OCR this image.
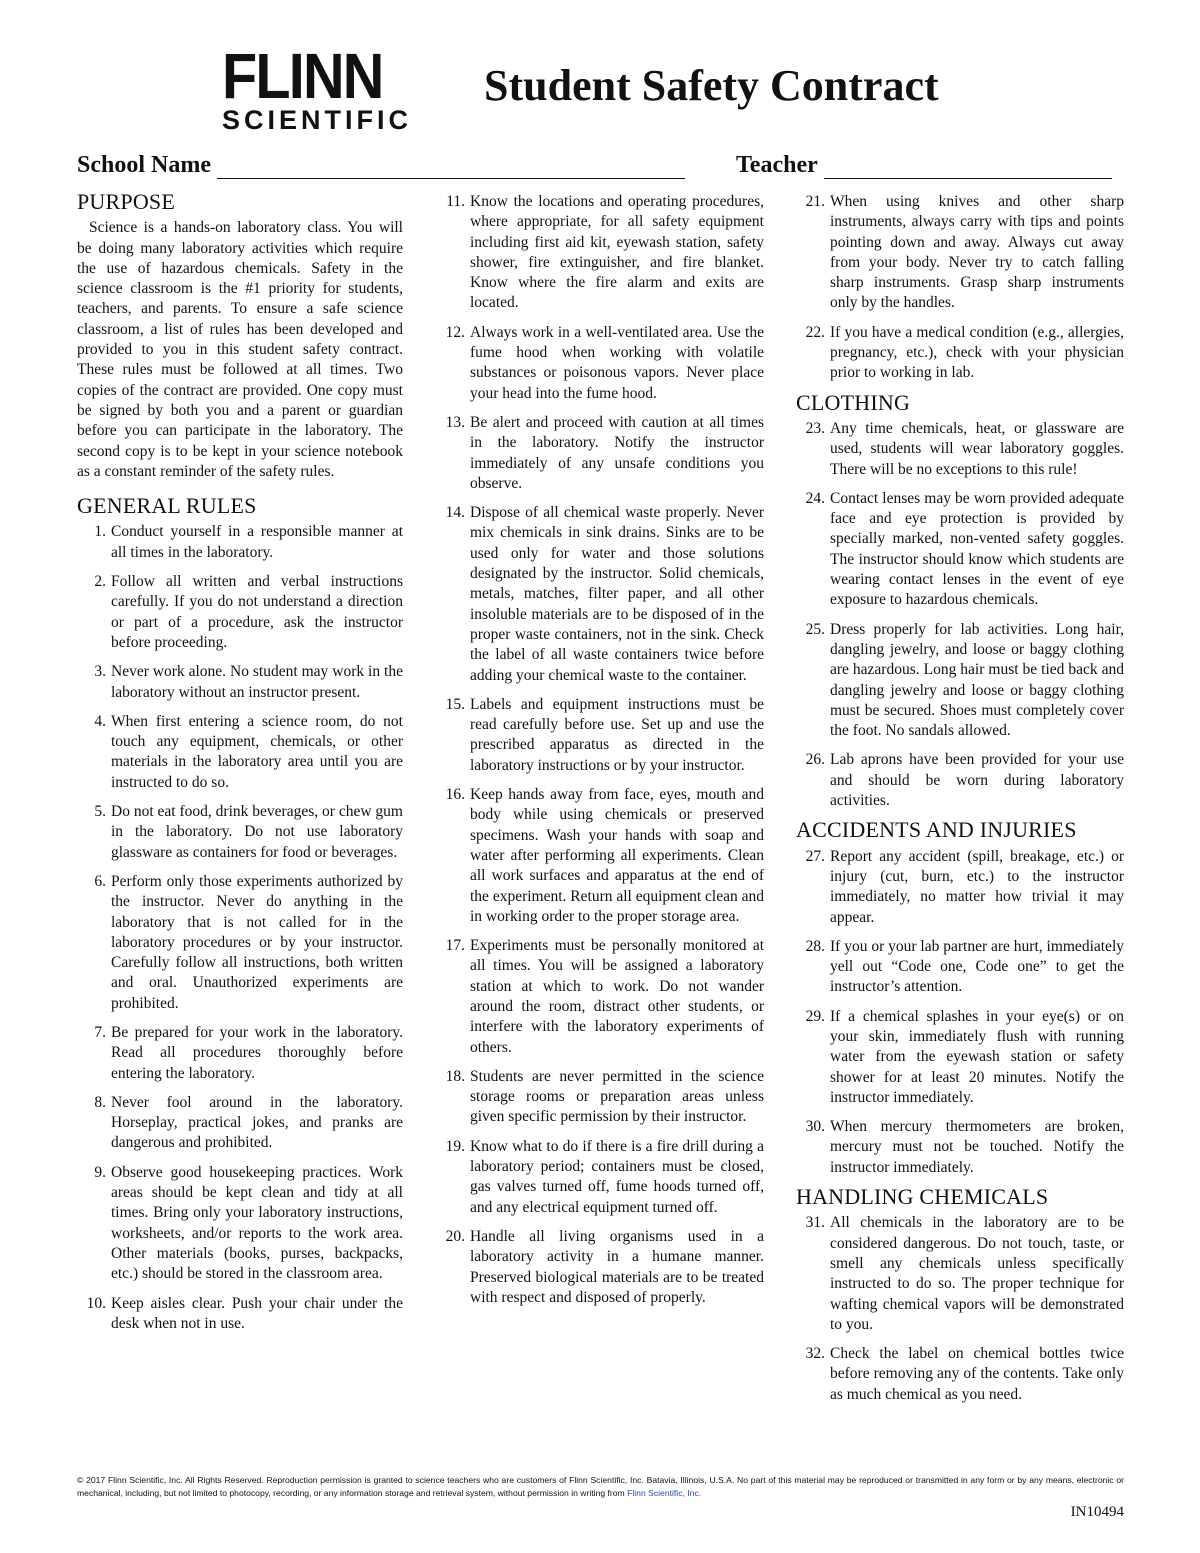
FLINN
SCIENTIFIC
Student Safety Contract
School Name	Teacher
PURPOSE

Science is a hands-on laboratory class. You will be doing many laboratory activities which require the use of hazardous chemicals. Safety in the science classroom is the #1 priority for students, teachers, and parents. To ensure a safe science classroom, a list of rules has been developed and provided to you in this student safety contract. These rules must be followed at all times. Two copies of the contract are provided. One copy must be signed by both you and a parent or guardian before you can participate in the laboratory. The second copy is to be kept in your science notebook as a constant reminder of the safety rules.

GENERAL RULES
1. Conduct yourself in a responsible manner at all times in the laboratory.
2. Follow all written and verbal instructions carefully. If you do not understand a direction or part of a procedure, ask the instructor before proceeding.
3. Never work alone. No student may work in the laboratory without an instructor present.
4. When first entering a science room, do not touch any equipment, chemicals, or other materials in the laboratory area until you are instructed to do so.
5. Do not eat food, drink beverages, or chew gum in the laboratory. Do not use laboratory glassware as containers for food or beverages.
6. Perform only those experiments authorized by the instructor. Never do anything in the laboratory that is not called for in the laboratory procedures or by your instructor. Carefully follow all instructions, both written and oral. Unauthorized experiments are prohibited.
7. Be prepared for your work in the laboratory. Read all procedures thoroughly before entering the laboratory.
8. Never fool around in the laboratory. Horseplay, practical jokes, and pranks are dangerous and prohibited.
9. Observe good housekeeping practices. Work areas should be kept clean and tidy at all times. Bring only your laboratory instructions, worksheets, and/or reports to the work area. Other materials (books, purses, backpacks, etc.) should be stored in the classroom area.
10. Keep aisles clear. Push your chair under the desk when not in use.
11. Know the locations and operating procedures, where appropriate, for all safety equipment including first aid kit, eyewash station, safety shower, fire extinguisher, and fire blanket. Know where the fire alarm and exits are located.
12. Always work in a well-ventilated area. Use the fume hood when working with volatile substances or poisonous vapors. Never place your head into the fume hood.
13. Be alert and proceed with caution at all times in the laboratory. Notify the instructor immediately of any unsafe conditions you observe.
14. Dispose of all chemical waste properly. Never mix chemicals in sink drains. Sinks are to be used only for water and those solutions designated by the instructor. Solid chemicals, metals, matches, filter paper, and all other insoluble materials are to be disposed of in the proper waste containers, not in the sink. Check the label of all waste containers twice before adding your chemical waste to the container.
15. Labels and equipment instructions must be read carefully before use. Set up and use the prescribed apparatus as directed in the laboratory instructions or by your instructor.
16. Keep hands away from face, eyes, mouth and body while using chemicals or preserved specimens. Wash your hands with soap and water after performing all experiments. Clean all work surfaces and apparatus at the end of the experiment. Return all equipment clean and in working order to the proper storage area.
17. Experiments must be personally monitored at all times. You will be assigned a laboratory station at which to work. Do not wander around the room, distract other students, or interfere with the laboratory experiments of others.
18. Students are never permitted in the science storage rooms or preparation areas unless given specific permission by their instructor.
19. Know what to do if there is a fire drill during a laboratory period; containers must be closed, gas valves turned off, fume hoods turned off, and any electrical equipment turned off.
20. Handle all living organisms used in a laboratory activity in a humane manner. Preserved biological materials are to be treated with respect and disposed of properly.
21. When using knives and other sharp instruments, always carry with tips and points pointing down and away. Always cut away from your body. Never try to catch falling sharp instruments. Grasp sharp instruments only by the handles.
22. If you have a medical condition (e.g., allergies, pregnancy, etc.), check with your physician prior to working in lab.
CLOTHING
23. Any time chemicals, heat, or glassware are used, students will wear laboratory goggles. There will be no exceptions to this rule!
24. Contact lenses may be worn provided adequate face and eye protection is provided by specially marked, non-vented safety goggles. The instructor should know which students are wearing contact lenses in the event of eye exposure to hazardous chemicals.
25. Dress properly for lab activities. Long hair, dangling jewelry, and loose or baggy clothing are hazardous. Long hair must be tied back and dangling jewelry and loose or baggy clothing must be secured. Shoes must completely cover the foot. No sandals allowed.
26. Lab aprons have been provided for your use and should be worn during laboratory activities.
ACCIDENTS AND INJURIES
27. Report any accident (spill, breakage, etc.) or injury (cut, burn, etc.) to the instructor immediately, no matter how trivial it may appear.
28. If you or your lab partner are hurt, immediately yell out “Code one, Code one” to get the instructor’s attention.
29. If a chemical splashes in your eye(s) or on your skin, immediately flush with running water from the eyewash station or safety shower for at least 20 minutes. Notify the instructor immediately.
30. When mercury thermometers are broken, mercury must not be touched. Notify the instructor immediately.
HANDLING CHEMICALS
31. All chemicals in the laboratory are to be considered dangerous. Do not touch, taste, or smell any chemicals unless specifically instructed to do so. The proper technique for wafting chemical vapors will be demonstrated to you.
32. Check the label on chemical bottles twice before removing any of the contents. Take only as much chemical as you need.
© 2017 Flinn Scientific, Inc. All Rights Reserved. Reproduction permission is granted to science teachers who are customers of Flinn Scientific, Inc. Batavia, Illinois, U.S.A. No part of this material may be reproduced or transmitted in any form or by any means, electronic or mechanical, including, but not limited to photocopy, recording, or any information storage and retrieval system, without permission in writing from Flinn Scientific, Inc.
IN10494
